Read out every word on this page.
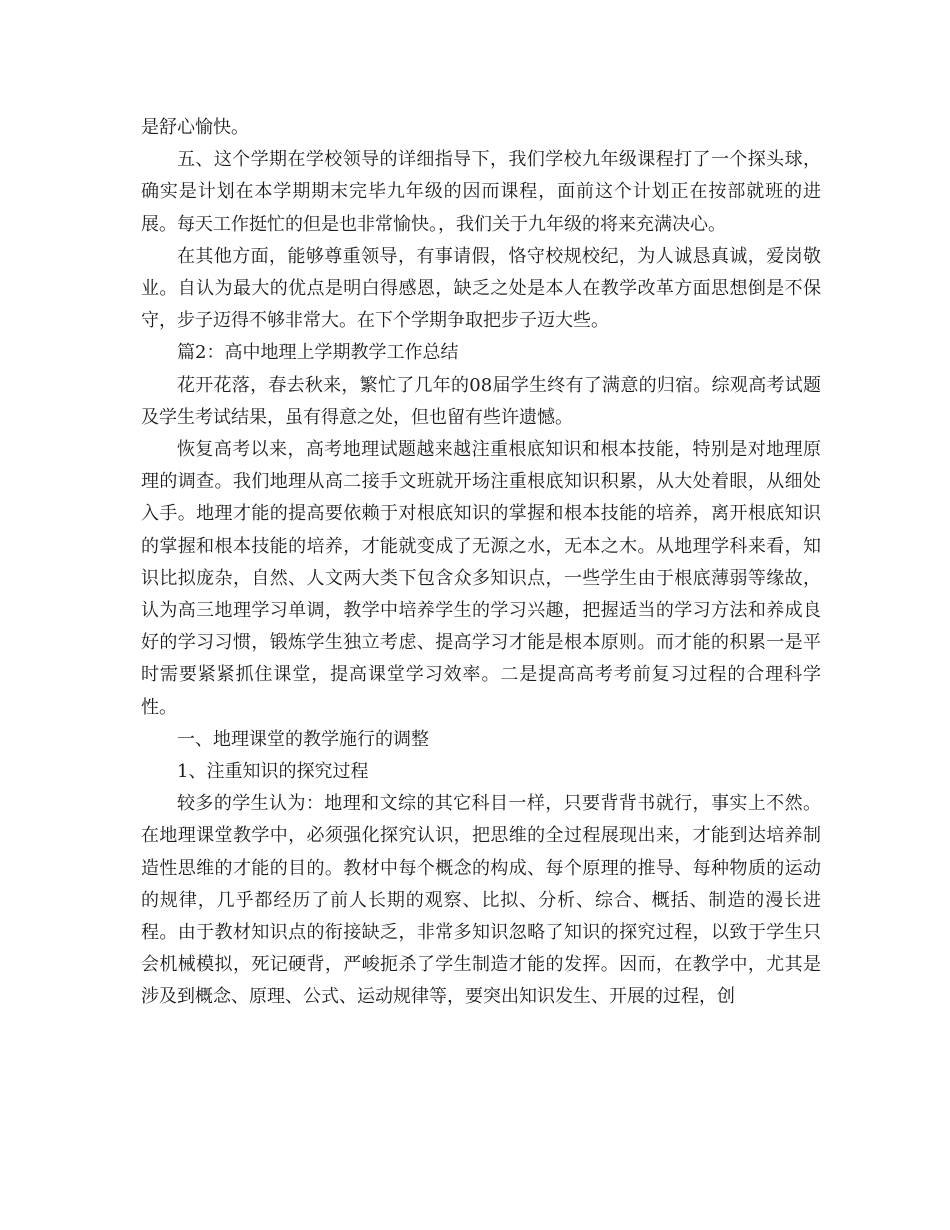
是舒心愉快。

五、这个学期在学校领导的详细指导下，我们学校九年级课程打了一个探头球，确实是计划在本学期期末完毕九年级的因而课程，面前这个计划正在按部就班的进展。每天工作挺忙的但是也非常愉快。，我们关于九年级的将来充满决心。

在其他方面，能够尊重领导，有事请假，恪守校规校纪，为人诚恳真诚，爱岗敬业。自认为最大的优点是明白得感恩，缺乏之处是本人在教学改革方面思想倒是不保守，步子迈得不够非常大。在下个学期争取把步子迈大些。

篇2：高中地理上学期教学工作总结

花开花落，春去秋来，繁忙了几年的08届学生终有了满意的归宿。综观高考试题及学生考试结果，虽有得意之处，但也留有些许遗憾。

恢复高考以来，高考地理试题越来越注重根底知识和根本技能，特别是对地理原理的调查。我们地理从高二接手文班就开场注重根底知识积累，从大处着眼，从细处入手。地理才能的提高要依赖于对根底知识的掌握和根本技能的培养，离开根底知识的掌握和根本技能的培养，才能就变成了无源之水，无本之木。从地理学科来看，知识比拟庞杂，自然、人文两大类下包含众多知识点，一些学生由于根底薄弱等缘故，认为高三地理学习单调，教学中培养学生的学习兴趣，把握适当的学习方法和养成良好的学习习惯，锻炼学生独立考虑、提高学习才能是根本原则。而才能的积累一是平时需要紧紧抓住课堂，提高课堂学习效率。二是提高高考考前复习过程的合理科学性。

一、地理课堂的教学施行的调整

1、注重知识的探究过程

较多的学生认为：地理和文综的其它科目一样，只要背背书就行，事实上不然。在地理课堂教学中，必须强化探究认识，把思维的全过程展现出来，才能到达培养制造性思维的才能的目的。教材中每个概念的构成、每个原理的推导、每种物质的运动的规律，几乎都经历了前人长期的观察、比拟、分析、综合、概括、制造的漫长进程。由于教材知识点的衔接缺乏，非常多知识忽略了知识的探究过程，以致于学生只会机械模拟，死记硬背，严峻扼杀了学生制造才能的发挥。因而，在教学中，尤其是涉及到概念、原理、公式、运动规律等，要突出知识发生、开展的过程，创
